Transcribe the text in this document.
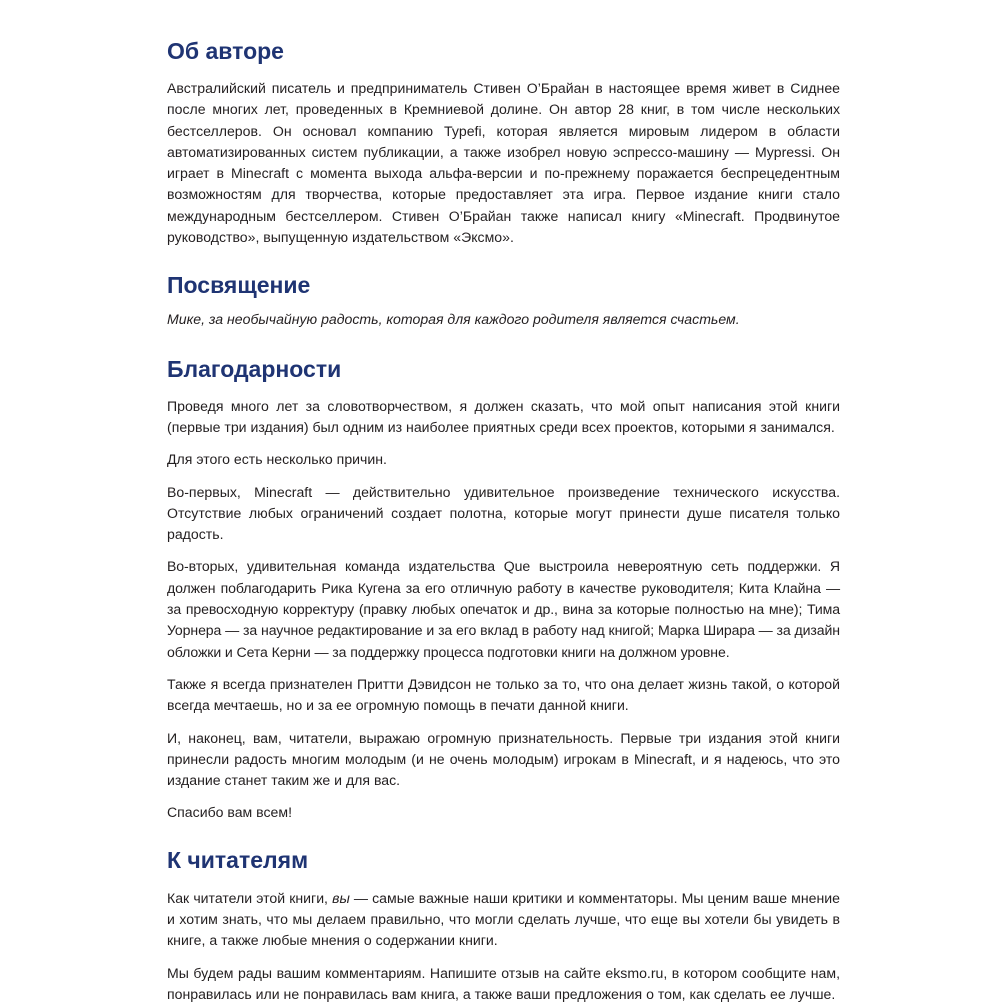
Об авторе

Австралийский писатель и предприниматель Стивен О’Брайан в настоящее время живет в Сиднее после многих лет, проведенных в Кремниевой долине. Он автор 28 книг, в том числе нескольких бестселлеров. Он основал компанию Typefi, которая является мировым лидером в области автоматизированных систем публикации, а также изобрел новую эспрессо-машину — Mypressi. Он играет в Minecraft с момента выхода альфа-версии и по-прежнему поражается беспрецедентным возможностям для творчества, которые предоставляет эта игра. Первое издание книги стало международным бестселлером. Стивен О’Брайан также написал книгу «Minecraft. Продвинутое руководство», выпущенную издательством «Эксмо».

Посвящение

Мике, за необычайную радость, которая для каждого родителя является счастьем.

Благодарности

Проведя много лет за словотворчеством, я должен сказать, что мой опыт написания этой книги (первые три издания) был одним из наиболее приятных среди всех проектов, которыми я занимался.

Для этого есть несколько причин.

Во-первых, Minecraft — действительно удивительное произведение технического искусства. Отсутствие любых ограничений создает полотна, которые могут принести душе писателя только радость.

Во-вторых, удивительная команда издательства Que выстроила невероятную сеть поддержки. Я должен поблагодарить Рика Кугена за его отличную работу в качестве руководителя; Кита Клайна — за превосходную корректуру (правку любых опечаток и др., вина за которые полностью на мне); Тима Уорнера — за научное редактирование и за его вклад в работу над книгой; Марка Ширара — за дизайн обложки и Сета Керни — за поддержку процесса подготовки книги на должном уровне.

Также я всегда признателен Притти Дэвидсон не только за то, что она делает жизнь такой, о которой всегда мечтаешь, но и за ее огромную помощь в печати данной книги.

И, наконец, вам, читатели, выражаю огромную признательность. Первые три издания этой книги принесли радость многим молодым (и не очень молодым) игрокам в Minecraft, и я надеюсь, что это издание станет таким же и для вас.

Спасибо вам всем!

К читателям

Как читатели этой книги, вы — самые важные наши критики и комментаторы. Мы ценим ваше мнение и хотим знать, что мы делаем правильно, что могли сделать лучше, что еще вы хотели бы увидеть в книге, а также любые мнения о содержании книги.

Мы будем рады вашим комментариям. Напишите отзыв на сайте eksmo.ru, в котором сообщите нам, понравилась или не понравилась вам книга, а также ваши предложения о том, как сделать ее лучше.
